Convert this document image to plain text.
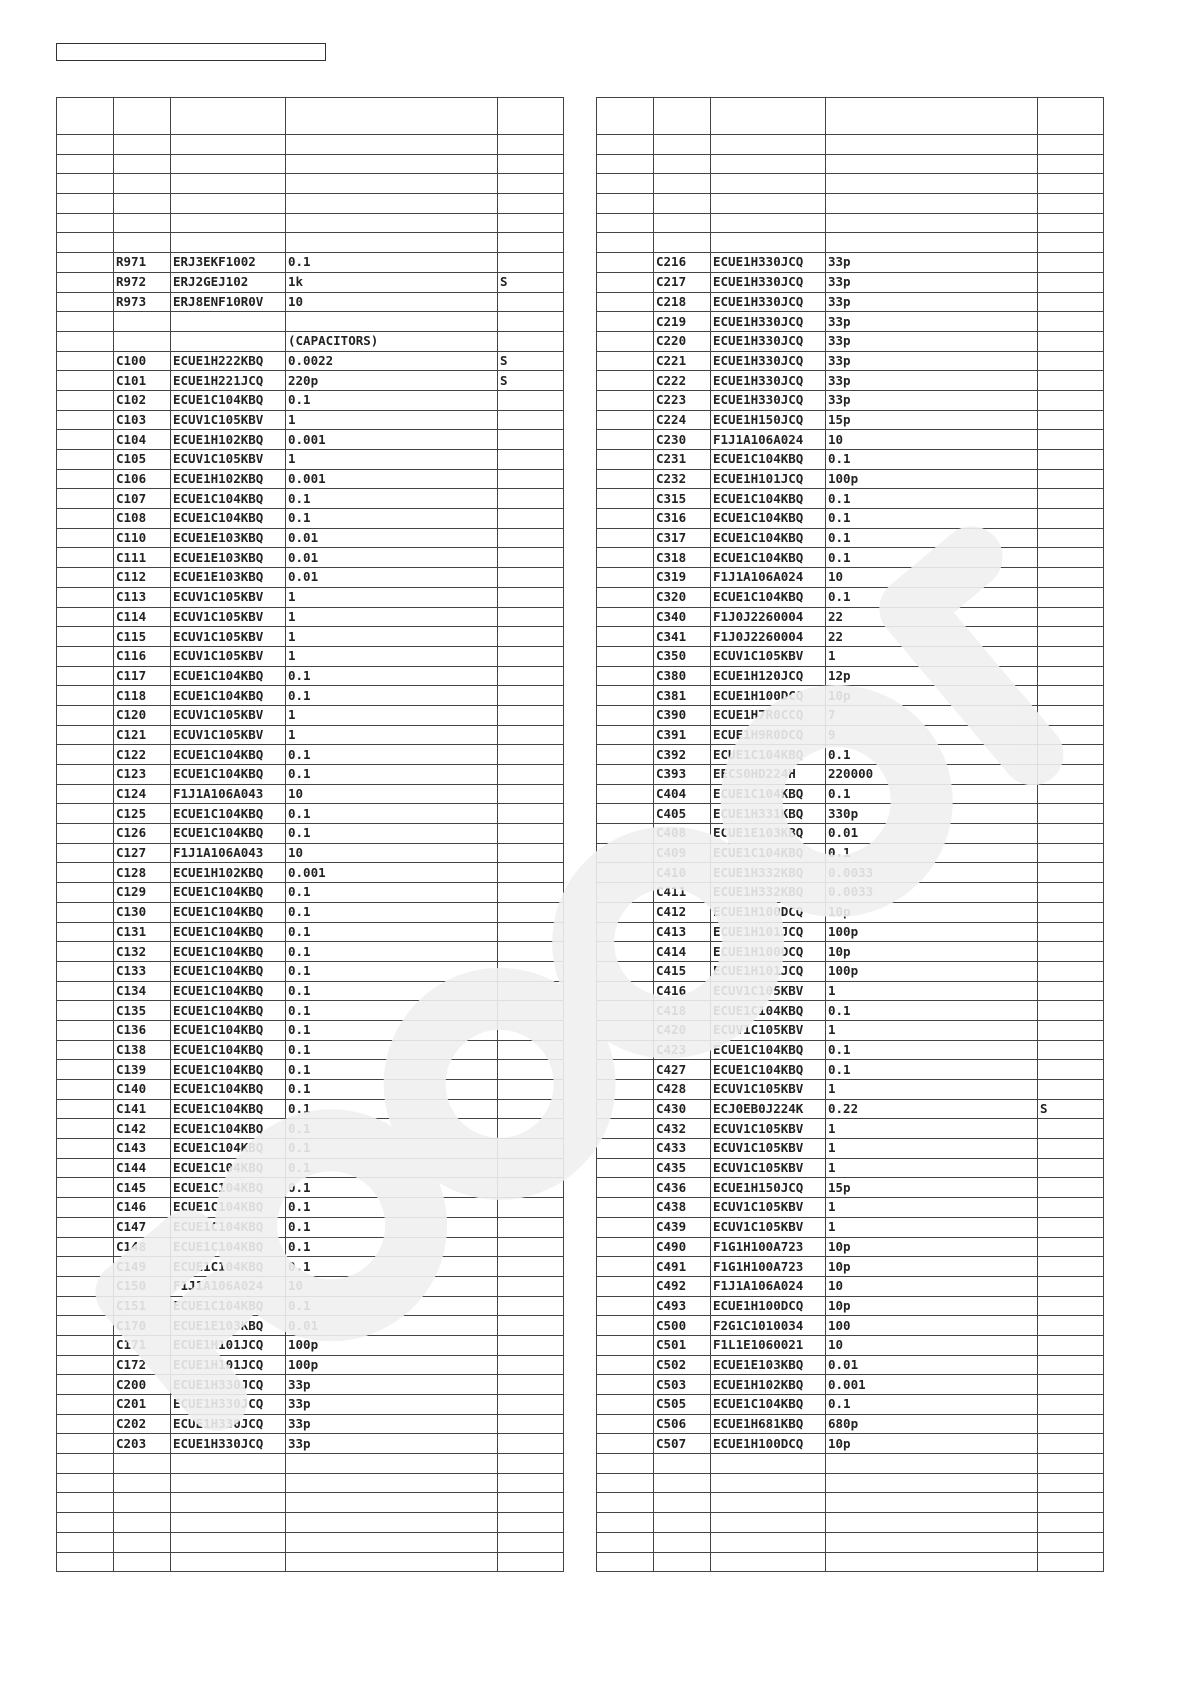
	R971	ERJ3EKF1002	0.1	
	R972	ERJ2GEJ102	1k	S
	R973	ERJ8ENF10R0V	10	

			(CAPACITORS)	
	C100	ECUE1H222KBQ	0.0022	S
	C101	ECUE1H221JCQ	220p	S
	C102	ECUE1C104KBQ	0.1	
	C103	ECUV1C105KBV	1	
	C104	ECUE1H102KBQ	0.001	
	C105	ECUV1C105KBV	1	
	C106	ECUE1H102KBQ	0.001	
	C107	ECUE1C104KBQ	0.1	
	C108	ECUE1C104KBQ	0.1	
	C110	ECUE1E103KBQ	0.01	
	C111	ECUE1E103KBQ	0.01	
	C112	ECUE1E103KBQ	0.01	
	C113	ECUV1C105KBV	1	
	C114	ECUV1C105KBV	1	
	C115	ECUV1C105KBV	1	
	C116	ECUV1C105KBV	1	
	C117	ECUE1C104KBQ	0.1	
	C118	ECUE1C104KBQ	0.1	
	C120	ECUV1C105KBV	1	
	C121	ECUV1C105KBV	1	
	C122	ECUE1C104KBQ	0.1	
	C123	ECUE1C104KBQ	0.1	
	C124	F1J1A106A043	10	
	C125	ECUE1C104KBQ	0.1	
	C126	ECUE1C104KBQ	0.1	
	C127	F1J1A106A043	10	
	C128	ECUE1H102KBQ	0.001	
	C129	ECUE1C104KBQ	0.1	
	C130	ECUE1C104KBQ	0.1	
	C131	ECUE1C104KBQ	0.1	
	C132	ECUE1C104KBQ	0.1	
	C133	ECUE1C104KBQ	0.1	
	C134	ECUE1C104KBQ	0.1	
	C135	ECUE1C104KBQ	0.1	
	C136	ECUE1C104KBQ	0.1	
	C138	ECUE1C104KBQ	0.1	
	C139	ECUE1C104KBQ	0.1	
	C140	ECUE1C104KBQ	0.1	
	C141	ECUE1C104KBQ	0.1	
	C142	ECUE1C104KBQ	0.1	
	C143	ECUE1C104KBQ	0.1	
	C144	ECUE1C104KBQ	0.1	
	C145	ECUE1C104KBQ	0.1	
	C146	ECUE1C104KBQ	0.1	
	C147	ECUE1C104KBQ	0.1	
	C148	ECUE1C104KBQ	0.1	
	C149	ECUE1C104KBQ	0.1	
	C150	F1J1A106A024	10	
	C151	ECUE1C104KBQ	0.1	
	C170	ECUE1E103KBQ	0.01	
	C171	ECUE1H101JCQ	100p	
	C172	ECUE1H101JCQ	100p	
	C200	ECUE1H330JCQ	33p	
	C201	ECUE1H330JCQ	33p	
	C202	ECUE1H330JCQ	33p	
	C203	ECUE1H330JCQ	33p	

	C216	ECUE1H330JCQ	33p	
	C217	ECUE1H330JCQ	33p	
	C218	ECUE1H330JCQ	33p	
	C219	ECUE1H330JCQ	33p	
	C220	ECUE1H330JCQ	33p	
	C221	ECUE1H330JCQ	33p	
	C222	ECUE1H330JCQ	33p	
	C223	ECUE1H330JCQ	33p	
	C224	ECUE1H150JCQ	15p	
	C230	F1J1A106A024	10	
	C231	ECUE1C104KBQ	0.1	
	C232	ECUE1H101JCQ	100p	
	C315	ECUE1C104KBQ	0.1	
	C316	ECUE1C104KBQ	0.1	
	C317	ECUE1C104KBQ	0.1	
	C318	ECUE1C104KBQ	0.1	
	C319	F1J1A106A024	10	
	C320	ECUE1C104KBQ	0.1	
	C340	F1J0J2260004	22	
	C341	F1J0J2260004	22	
	C350	ECUV1C105KBV	1	
	C380	ECUE1H120JCQ	12p	
	C381	ECUE1H100DCQ	10p	
	C390	ECUE1H7R0CCQ	7	
	C391	ECUE1H9R0DCQ	9	
	C392	ECUE1C104KBQ	0.1	
	C393	EECS0HD224H	220000	
	C404	ECUE1C104KBQ	0.1	
	C405	ECUE1H331KBQ	330p	
	C408	ECUE1E103KBQ	0.01	
	C409	ECUE1C104KBQ	0.1	
	C410	ECUE1H332KBQ	0.0033	
	C411	ECUE1H332KBQ	0.0033	
	C412	ECUE1H100DCQ	10p	
	C413	ECUE1H101JCQ	100p	
	C414	ECUE1H100DCQ	10p	
	C415	ECUE1H101JCQ	100p	
	C416	ECUV1C105KBV	1	
	C418	ECUE1C104KBQ	0.1	
	C420	ECUV1C105KBV	1	
	C423	ECUE1C104KBQ	0.1	
	C427	ECUE1C104KBQ	0.1	
	C428	ECUV1C105KBV	1	
	C430	ECJ0EB0J224K	0.22	S
	C432	ECUV1C105KBV	1	
	C433	ECUV1C105KBV	1	
	C435	ECUV1C105KBV	1	
	C436	ECUE1H150JCQ	15p	
	C438	ECUV1C105KBV	1	
	C439	ECUV1C105KBV	1	
	C490	F1G1H100A723	10p	
	C491	F1G1H100A723	10p	
	C492	F1J1A106A024	10	
	C493	ECUE1H100DCQ	10p	
	C500	F2G1C1010034	100	
	C501	F1L1E1060021	10	
	C502	ECUE1E103KBQ	0.01	
	C503	ECUE1H102KBQ	0.001	
	C505	ECUE1C104KBQ	0.1	
	C506	ECUE1H681KBQ	680p	
	C507	ECUE1H100DCQ	10p	
